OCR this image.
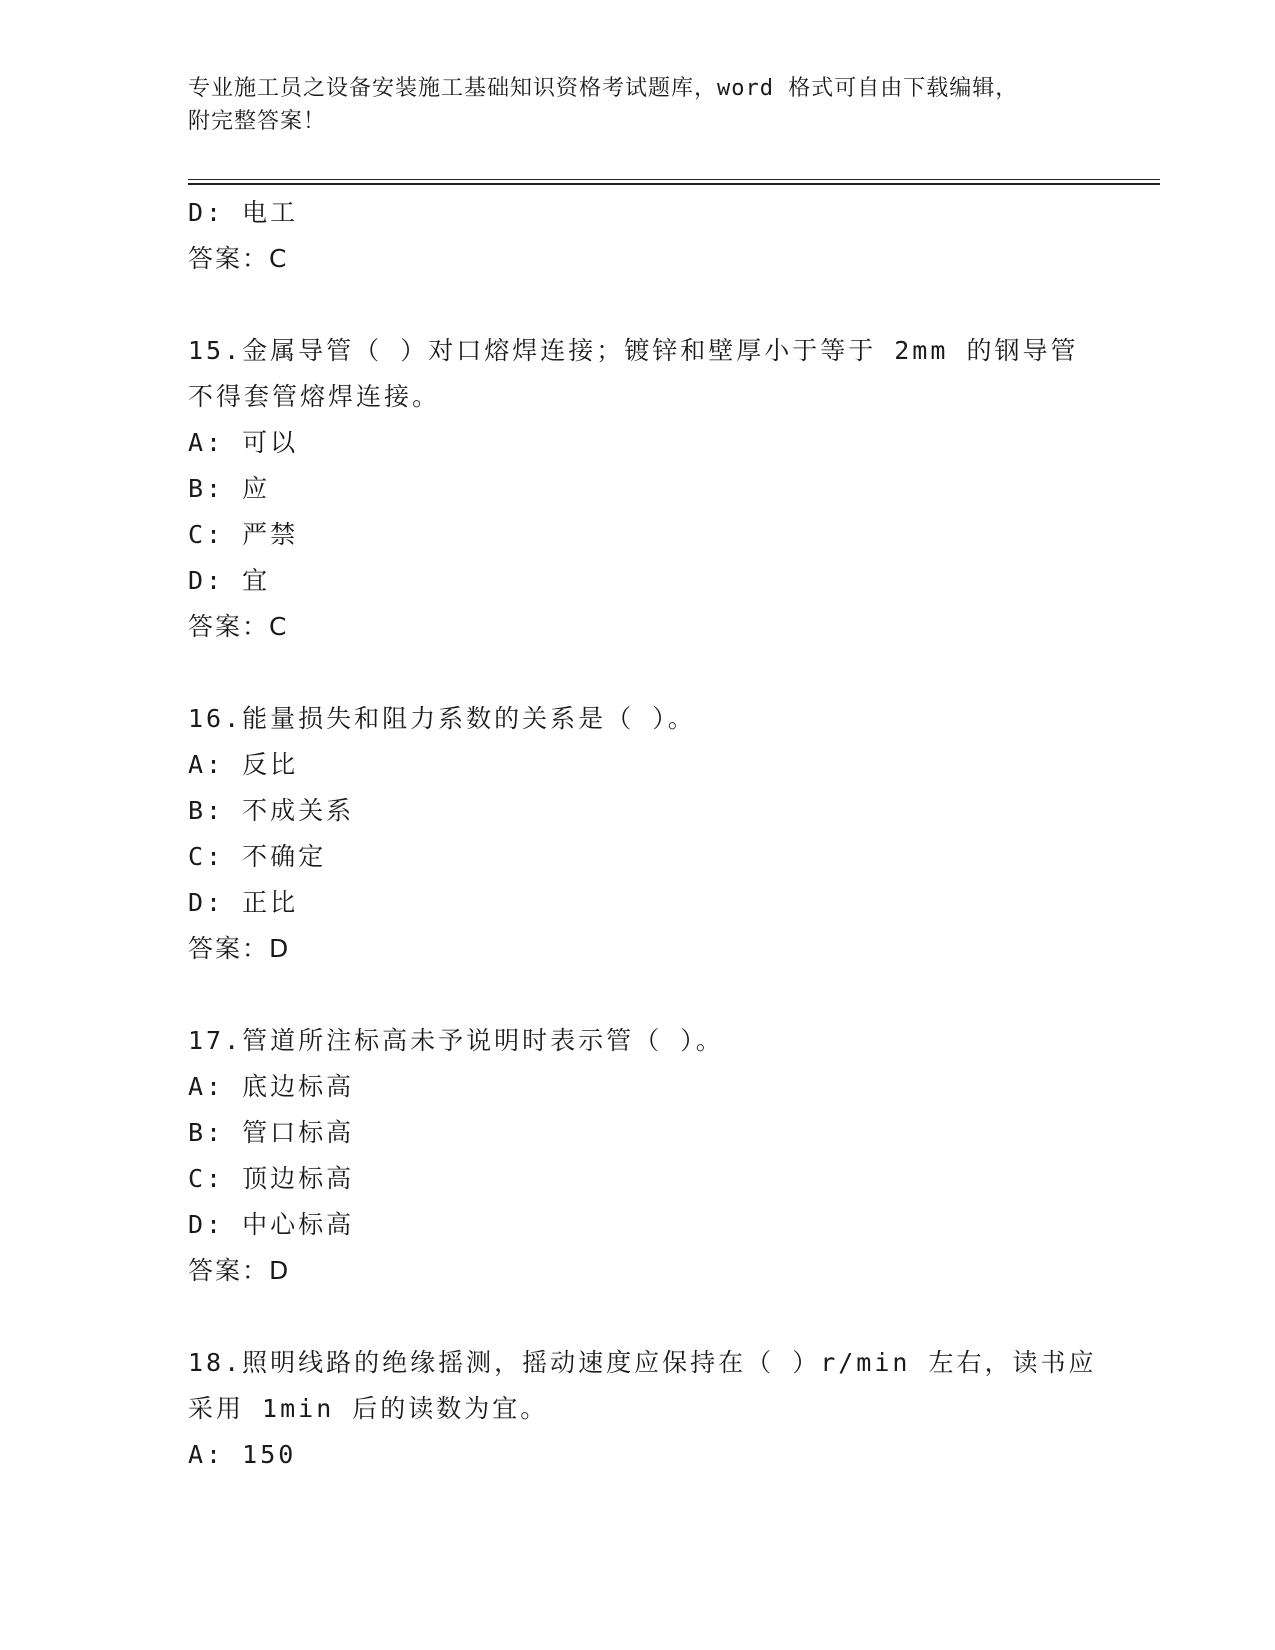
专业施工员之设备安装施工基础知识资格考试题库，word 格式可自由下载编辑，
附完整答案！
D: 电工
答案：C
15.金属导管（ ）对口熔焊连接；镀锌和壁厚小于等于 2mm 的钢导管
不得套管熔焊连接。
A: 可以
B: 应
C: 严禁
D: 宜
答案：C
16.能量损失和阻力系数的关系是（ ）。
A: 反比
B: 不成关系
C: 不确定
D: 正比
答案：D
17.管道所注标高未予说明时表示管（ ）。
A: 底边标高
B: 管口标高
C: 顶边标高
D: 中心标高
答案：D
18.照明线路的绝缘摇测，摇动速度应保持在（ ）r/min 左右，读书应
采用 1min 后的读数为宜。
A: 150
